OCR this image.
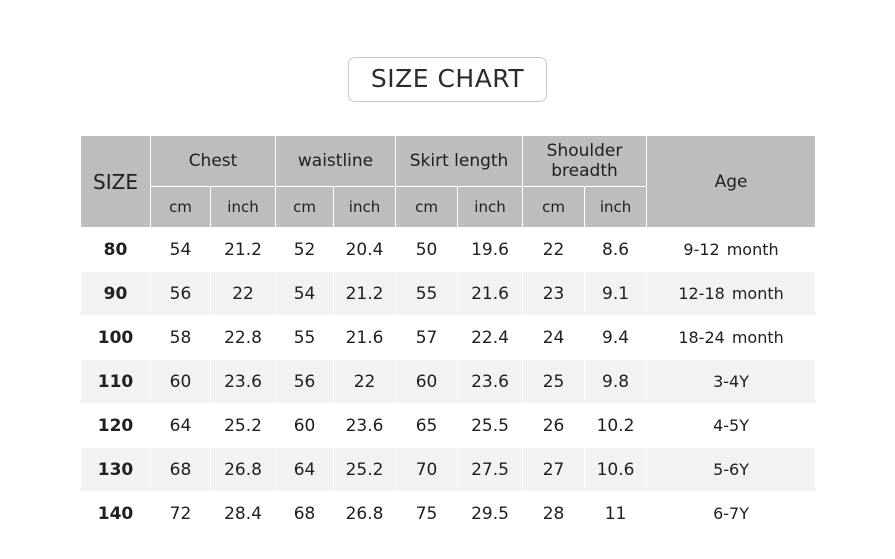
SIZE CHART
SIZE	Chest		waistline		Skirt length		Shoulder breadth		Age
	cm	inch	cm	inch	cm	inch	cm	inch	
80	54	21.2	52	20.4	50	19.6	22	8.6	9-12 month

90	56	22	54	21.2	55	21.6	23	9.1	12-18 month

100	58	22.8	55	21.6	57	22.4	24	9.4	18-24 month

110	60	23.6	56	22	60	23.6	25	9.8	3-4Y
120	64	25.2	60	23.6	65	25.5	26	10.2	4-5Y
130	68	26.8	64	25.2	70	27.5	27	10.6	5-6Y
140	72	28.4	68	26.8	75	29.5	28	11	6-7Y
